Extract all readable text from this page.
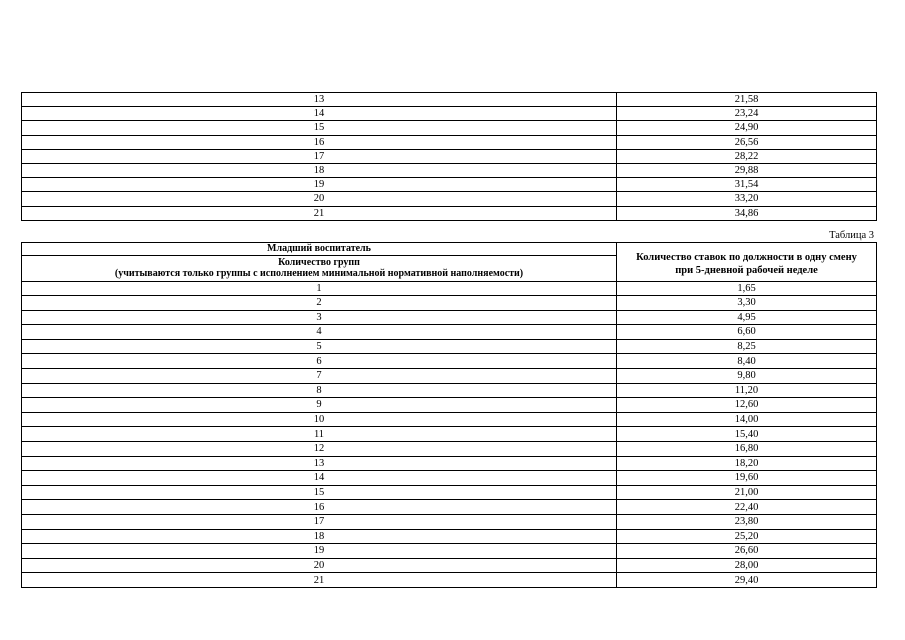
13	21,58
14	23,24
15	24,90
16	26,56
17	28,22
18	29,88
19	31,54
20	33,20
21	34,86
Таблица 3
Младший воспитатель	Количество ставок по должности в одну смену
при 5-дневной рабочей неделе
Количество групп
(учитываются только группы с исполнением минимальной нормативной наполняемости)	
1	1,65
2	3,30
3	4,95
4	6,60
5	8,25
6	8,40
7	9,80
8	11,20
9	12,60
10	14,00
11	15,40
12	16,80
13	18,20
14	19,60
15	21,00
16	22,40
17	23,80
18	25,20
19	26,60
20	28,00
21	29,40
